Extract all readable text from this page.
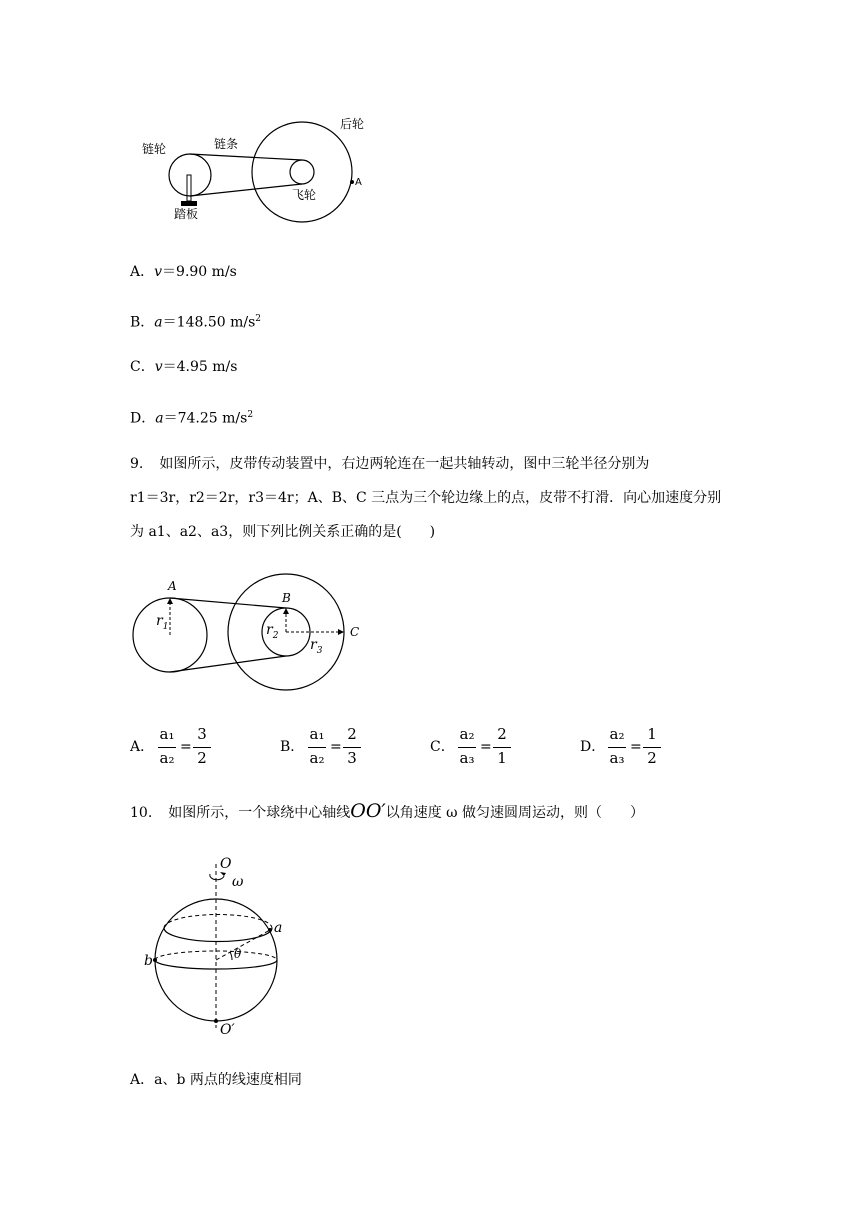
链轮	链条
后轮
飞轮
踏板
A
A．v＝9.90 m/s
B．a＝148.50 $m/s^2$
C．v＝4.95 m/s
D．a＝74.25 $m/s^2$
9. 如图所示，皮带传动装置中，右边两轮连在一起共轴转动，图中三轮半径分别为
r1＝3r，r2＝2r，r3＝4r；A、B、C 三点为三个轮边缘上的点，皮带不打滑．向心加速度分别
为 a1、a2、a3，则下列比例关系正确的是(　　)
A
B
C
$r_1$	$r_2$
$r_3$
A．
a₁
a₂
=
3
2
B．
a₁
a₂
=
2
3
C．
a₂
a₃
=
2
1
D．
a₂
a₃
=
1
2
10. 如图所示，一个球绕中心轴线OO′以角速度 ω 做匀速圆周运动，则（　　）
O
ω
a
b	θ
O′
A．a、b 两点的线速度相同
